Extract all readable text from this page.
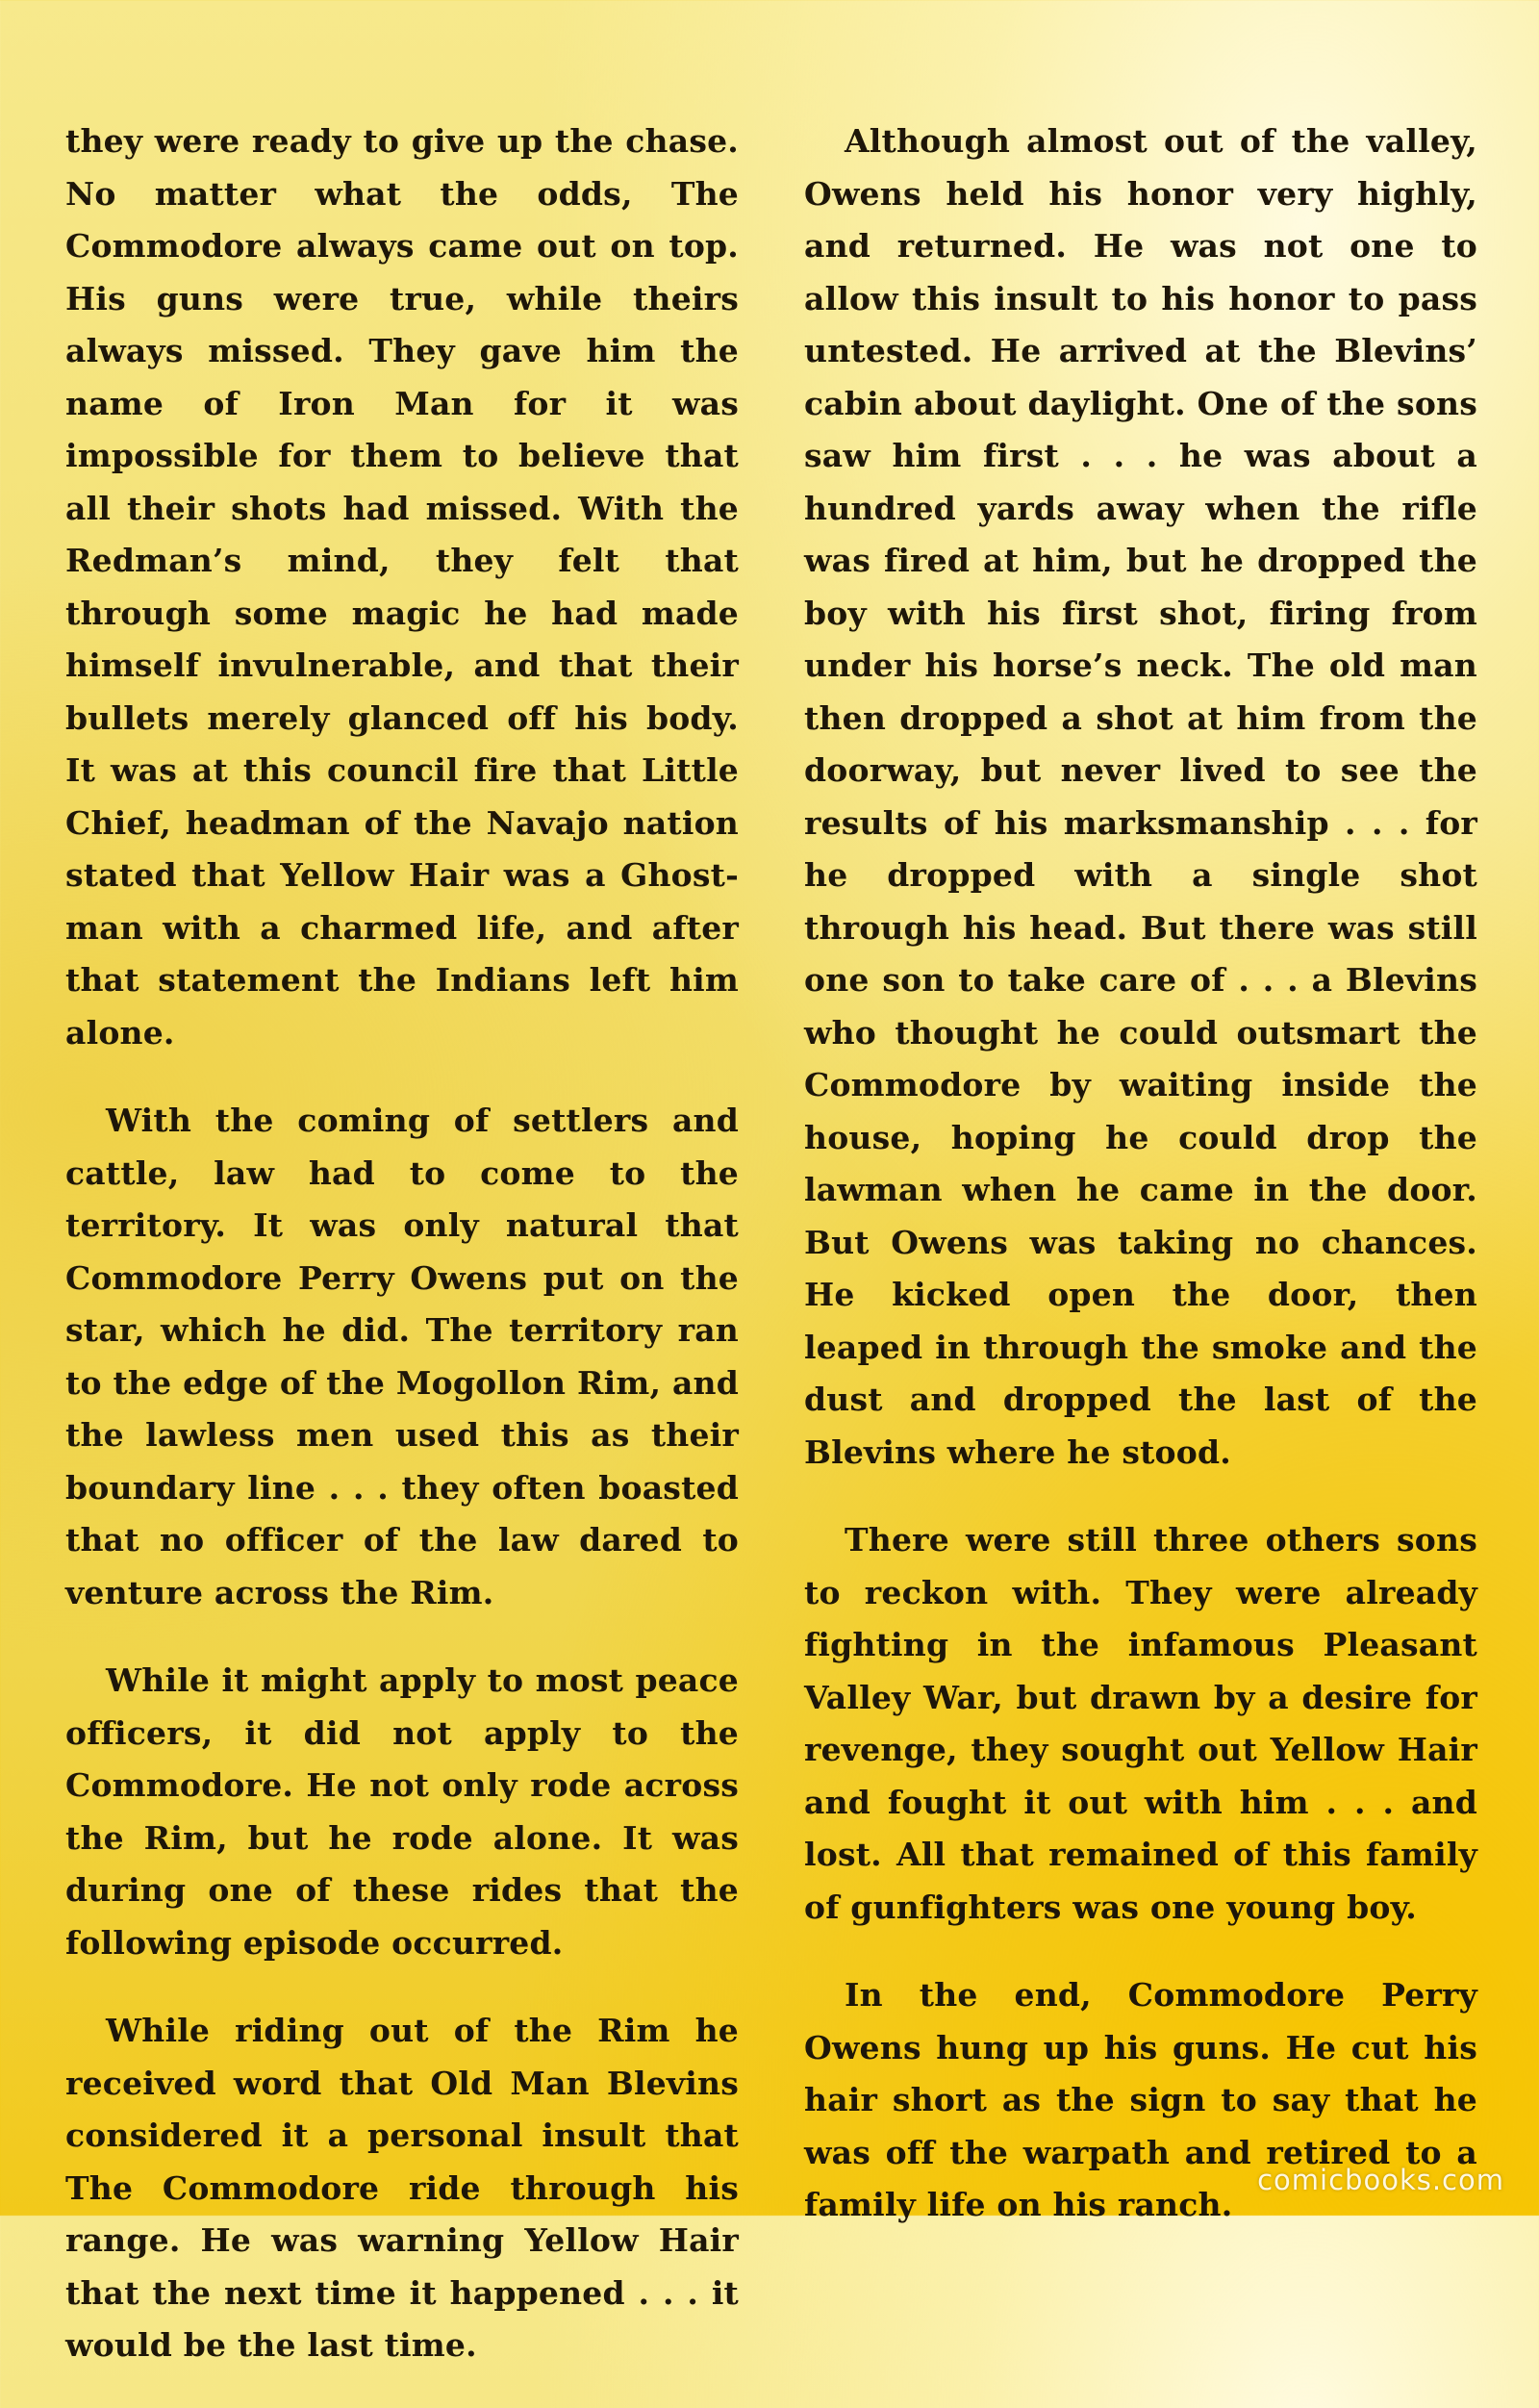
they were ready to give up the chase. No matter what the odds, The Commodore always came out on top. His guns were true, while theirs always missed. They gave him the name of Iron Man for it was impossible for them to believe that all their shots had missed. With the Redman’s mind, they felt that through some magic he had made himself invulnerable, and that their bullets merely glanced off his body. It was at this council fire that Little Chief, headman of the Navajo nation stated that Yellow Hair was a Ghost-man with a charmed life, and after that statement the Indians left him alone.

With the coming of settlers and cattle, law had to come to the territory. It was only natural that Commodore Perry Owens put on the star, which he did. The territory ran to the edge of the Mogollon Rim, and the lawless men used this as their boundary line . . . they often boasted that no officer of the law dared to venture across the Rim.

While it might apply to most peace officers, it did not apply to the Commodore. He not only rode across the Rim, but he rode alone. It was during one of these rides that the following episode occurred.

While riding out of the Rim he received word that Old Man Blevins considered it a personal insult that The Commodore ride through his range. He was warning Yellow Hair that the next time it happened . . . it would be the last time.

Although almost out of the valley, Owens held his honor very highly, and returned. He was not one to allow this insult to his honor to pass untested. He arrived at the Blevins’ cabin about daylight. One of the sons saw him first . . . he was about a hundred yards away when the rifle was fired at him, but he dropped the boy with his first shot, firing from under his horse’s neck. The old man then dropped a shot at him from the doorway, but never lived to see the results of his marksmanship . . . for he dropped with a single shot through his head. But there was still one son to take care of . . . a Blevins who thought he could outsmart the Commodore by waiting inside the house, hoping he could drop the lawman when he came in the door. But Owens was taking no chances. He kicked open the door, then leaped in through the smoke and the dust and dropped the last of the Blevins where he stood.

There were still three others sons to reckon with. They were already fighting in the infamous Pleasant Valley War, but drawn by a desire for revenge, they sought out Yellow Hair and fought it out with him . . . and lost. All that remained of this family of gunfighters was one young boy.

In the end, Commodore Perry Owens hung up his guns. He cut his hair short as the sign to say that he was off the warpath and retired to a family life on his ranch.

comicbooks.com
